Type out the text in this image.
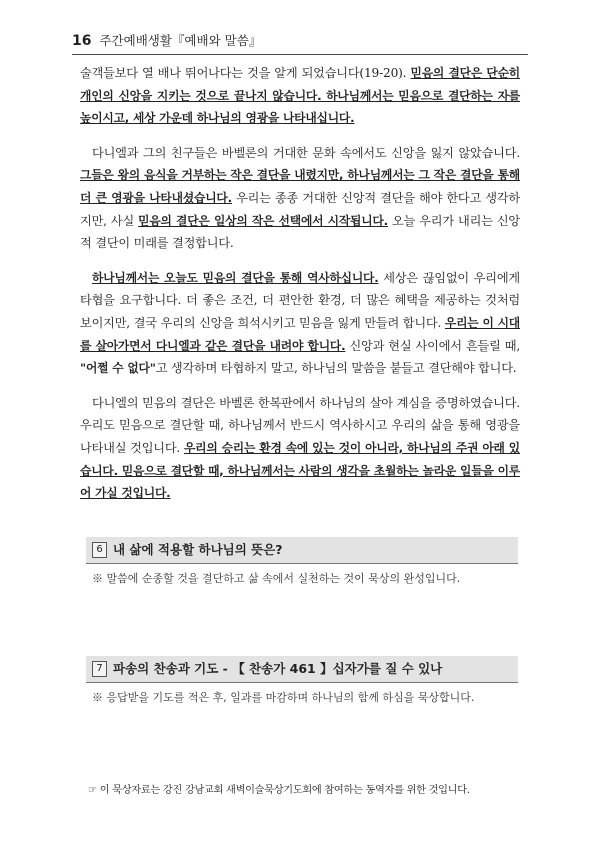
16 주간예배생활『예배와 말씀』

술객들보다 열 배나 뛰어나다는 것을 알게 되었습니다(19-20). 믿음의 결단은 단순히 개인의 신앙을 지키는 것으로 끝나지 않습니다. 하나님께서는 믿음으로 결단하는 자를 높이시고, 세상 가운데 하나님의 영광을 나타내십니다.

다니엘과 그의 친구들은 바벨론의 거대한 문화 속에서도 신앙을 잃지 않았습니다. 그들은 왕의 음식을 거부하는 작은 결단을 내렸지만, 하나님께서는 그 작은 결단을 통해 더 큰 영광을 나타내셨습니다. 우리는 종종 거대한 신앙적 결단을 해야 한다고 생각하지만, 사실 믿음의 결단은 일상의 작은 선택에서 시작됩니다. 오늘 우리가 내리는 신앙적 결단이 미래를 결정합니다.

하나님께서는 오늘도 믿음의 결단을 통해 역사하십니다. 세상은 끊임없이 우리에게 타협을 요구합니다. 더 좋은 조건, 더 편안한 환경, 더 많은 혜택을 제공하는 것처럼 보이지만, 결국 우리의 신앙을 희석시키고 믿음을 잃게 만들려 합니다. 우리는 이 시대를 살아가면서 다니엘과 같은 결단을 내려야 합니다. 신앙과 현실 사이에서 흔들릴 때, "어쩔 수 없다"고 생각하며 타협하지 말고, 하나님의 말씀을 붙들고 결단해야 합니다.

다니엘의 믿음의 결단은 바벨론 한복판에서 하나님의 살아 계심을 증명하였습니다. 우리도 믿음으로 결단할 때, 하나님께서 반드시 역사하시고 우리의 삶을 통해 영광을 나타내실 것입니다. 우리의 승리는 환경 속에 있는 것이 아니라, 하나님의 주권 아래 있습니다. 믿음으로 결단할 때, 하나님께서는 사람의 생각을 초월하는 놀라운 일들을 이루어 가실 것입니다.

6 내 삶에 적용할 하나님의 뜻은?
※ 말씀에 순종할 것을 결단하고 삶 속에서 실천하는 것이 묵상의 완성입니다.
7 파송의 찬송과 기도 - 【 찬송가 461 】십자가를 질 수 있나
※ 응답받을 기도를 적은 후, 일과를 마감하며 하나님의 함께 하심을 묵상합니다.
☞ 이 묵상자료는 강진 강남교회 새벽이슬묵상기도회에 참여하는 동역자를 위한 것입니다.
